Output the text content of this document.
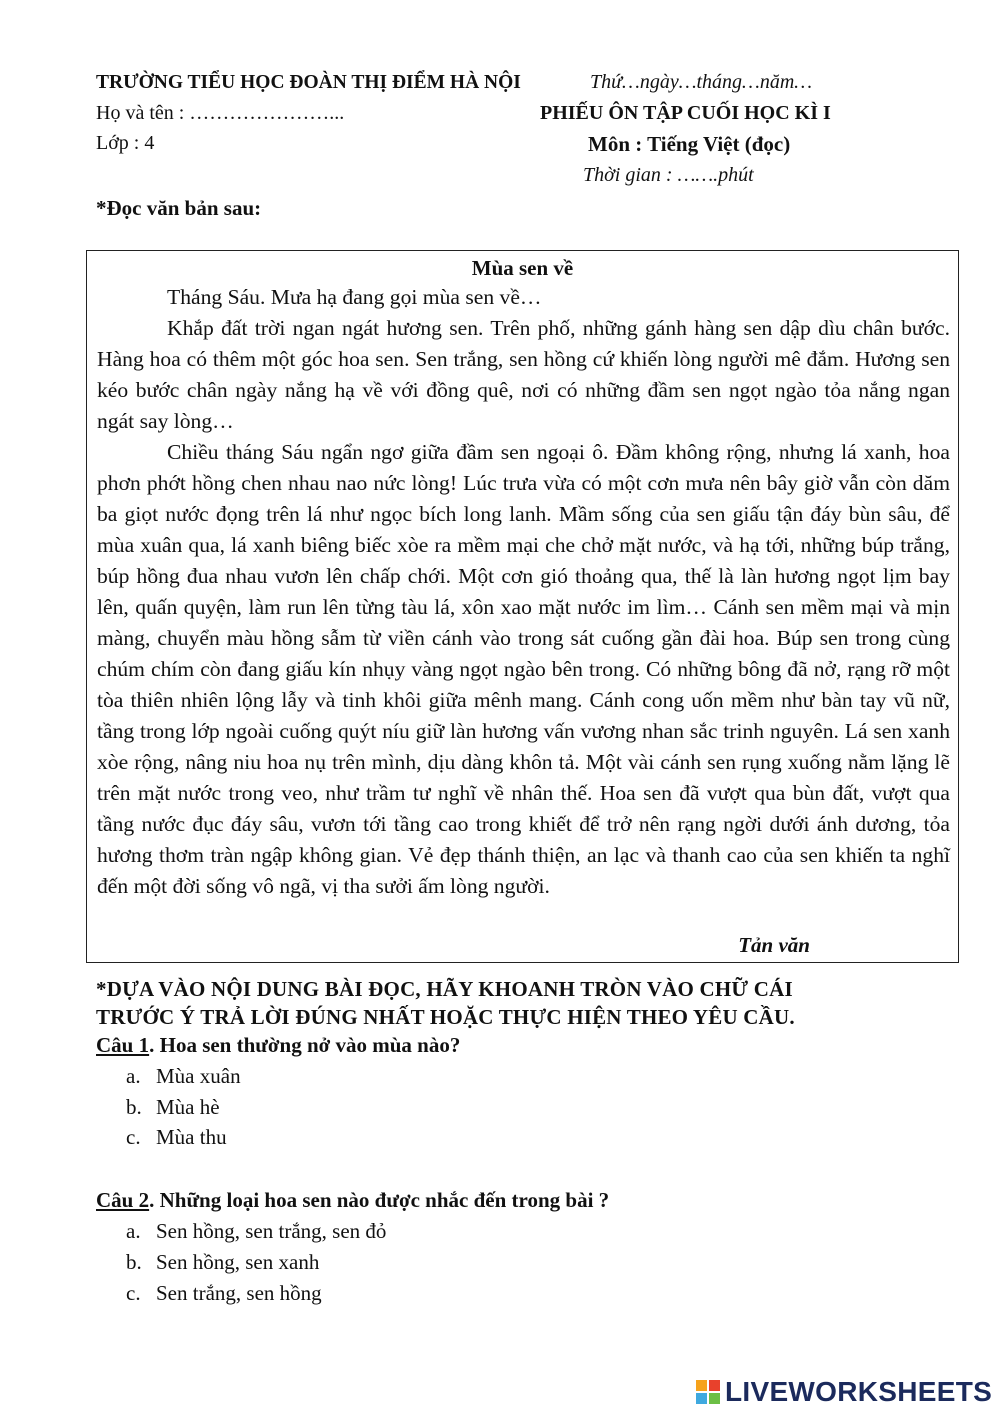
TRƯỜNG TIỂU HỌC ĐOÀN THỊ ĐIỂM HÀ NỘI	Thứ…ngày…tháng…năm…
Họ và tên : …………………...	PHIẾU ÔN TẬP CUỐI HỌC KÌ I
Lớp : 4	Môn : Tiếng Việt (đọc)
Thời gian : …….phút
*Đọc văn bản sau:
Mùa sen về

Tháng Sáu. Mưa hạ đang gọi mùa sen về…

Khắp đất trời ngan ngát hương sen. Trên phố, những gánh hàng sen dập dìu chân bước. Hàng hoa có thêm một góc hoa sen. Sen trắng, sen hồng cứ khiến lòng người mê đắm. Hương sen kéo bước chân ngày nắng hạ về với đồng quê, nơi có những đầm sen ngọt ngào tỏa nắng ngan ngát say lòng…

Chiều tháng Sáu ngẩn ngơ giữa đầm sen ngoại ô. Đầm không rộng, nhưng lá xanh, hoa phơn phớt hồng chen nhau nao nức lòng! Lúc trưa vừa có một cơn mưa nên bây giờ vẫn còn dăm ba giọt nước đọng trên lá như ngọc bích long lanh. Mầm sống của sen giấu tận đáy bùn sâu, để mùa xuân qua, lá xanh biêng biếc xòe ra mềm mại che chở mặt nước, và hạ tới, những búp trắng, búp hồng đua nhau vươn lên chấp chới. Một cơn gió thoảng qua, thế là làn hương ngọt lịm bay lên, quấn quyện, làm run lên từng tàu lá, xôn xao mặt nước im lìm… Cánh sen mềm mại và mịn màng, chuyển màu hồng sẫm từ viền cánh vào trong sát cuống gần đài hoa. Búp sen trong cùng chúm chím còn đang giấu kín nhụy vàng ngọt ngào bên trong. Có những bông đã nở, rạng rỡ một tòa thiên nhiên lộng lẫy và tinh khôi giữa mênh mang. Cánh cong uốn mềm như bàn tay vũ nữ, tầng trong lớp ngoài cuống quýt níu giữ làn hương vấn vương nhan sắc trinh nguyên. Lá sen xanh xòe rộng, nâng niu hoa nụ trên mình, dịu dàng khôn tả. Một vài cánh sen rụng xuống nằm lặng lẽ trên mặt nước trong veo, như trầm tư nghĩ về nhân thế. Hoa sen đã vượt qua bùn đất, vượt qua tầng nước đục đáy sâu, vươn tới tầng cao trong khiết để trở nên rạng ngời dưới ánh dương, tỏa hương thơm tràn ngập không gian. Vẻ đẹp thánh thiện, an lạc và thanh cao của sen khiến ta nghĩ đến một đời sống vô ngã, vị tha sưởi ấm lòng người.

Tản văn
*DỰA VÀO NỘI DUNG BÀI ĐỌC, HÃY KHOANH TRÒN VÀO CHỮ CÁI
TRƯỚC Ý TRẢ LỜI ĐÚNG NHẤT HOẶC THỰC HIỆN THEO YÊU CẦU.
Câu 1. Hoa sen thường nở vào mùa nào?
a. Mùa xuân
b. Mùa hè
c. Mùa thu
Câu 2. Những loại hoa sen nào được nhắc đến trong bài ?
a. Sen hồng, sen trắng, sen đỏ
b. Sen hồng, sen xanh
c. Sen trắng, sen hồng
LIVEWORKSHEETS
